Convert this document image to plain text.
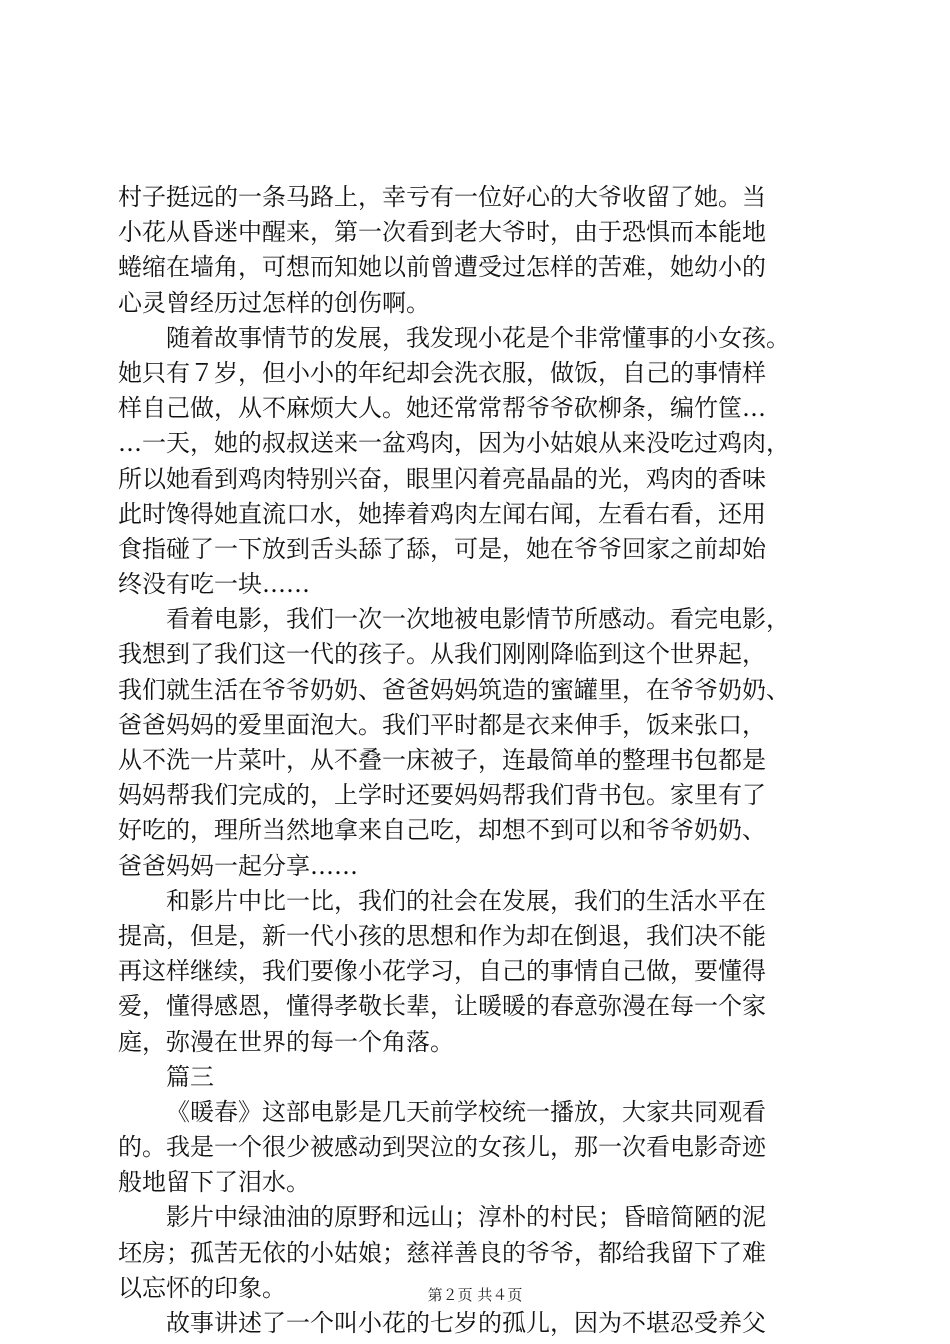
村子挺远的一条马路上，幸亏有一位好心的大爷收留了她。当
小花从昏迷中醒来，第一次看到老大爷时，由于恐惧而本能地
蜷缩在墙角，可想而知她以前曾遭受过怎样的苦难，她幼小的
心灵曾经历过怎样的创伤啊。
随着故事情节的发展，我发现小花是个非常懂事的小女孩。
她只有７岁，但小小的年纪却会洗衣服，做饭，自己的事情样
样自己做，从不麻烦大人。她还常常帮爷爷砍柳条，编竹筐…
…一天，她的叔叔送来一盆鸡肉，因为小姑娘从来没吃过鸡肉，
所以她看到鸡肉特别兴奋，眼里闪着亮晶晶的光，鸡肉的香味
此时馋得她直流口水，她捧着鸡肉左闻右闻，左看右看，还用
食指碰了一下放到舌头舔了舔，可是，她在爷爷回家之前却始
终没有吃一块……
看着电影，我们一次一次地被电影情节所感动。看完电影，
我想到了我们这一代的孩子。从我们刚刚降临到这个世界起，
我们就生活在爷爷奶奶、爸爸妈妈筑造的蜜罐里，在爷爷奶奶、
爸爸妈妈的爱里面泡大。我们平时都是衣来伸手，饭来张口，
从不洗一片菜叶，从不叠一床被子，连最简单的整理书包都是
妈妈帮我们完成的，上学时还要妈妈帮我们背书包。家里有了
好吃的，理所当然地拿来自己吃，却想不到可以和爷爷奶奶、
爸爸妈妈一起分享……
和影片中比一比，我们的社会在发展，我们的生活水平在
提高，但是，新一代小孩的思想和作为却在倒退，我们决不能
再这样继续，我们要像小花学习，自己的事情自己做，要懂得
爱，懂得感恩，懂得孝敬长辈，让暖暖的春意弥漫在每一个家
庭，弥漫在世界的每一个角落。
篇三
《暖春》这部电影是几天前学校统一播放，大家共同观看
的。我是一个很少被感动到哭泣的女孩儿，那一次看电影奇迹
般地留下了泪水。
影片中绿油油的原野和远山；淳朴的村民；昏暗简陋的泥
坯房；孤苦无依的小姑娘；慈祥善良的爷爷，都给我留下了难
以忘怀的印象。
故事讲述了一个叫小花的七岁的孤儿，因为不堪忍受养父
第２页 共４页
